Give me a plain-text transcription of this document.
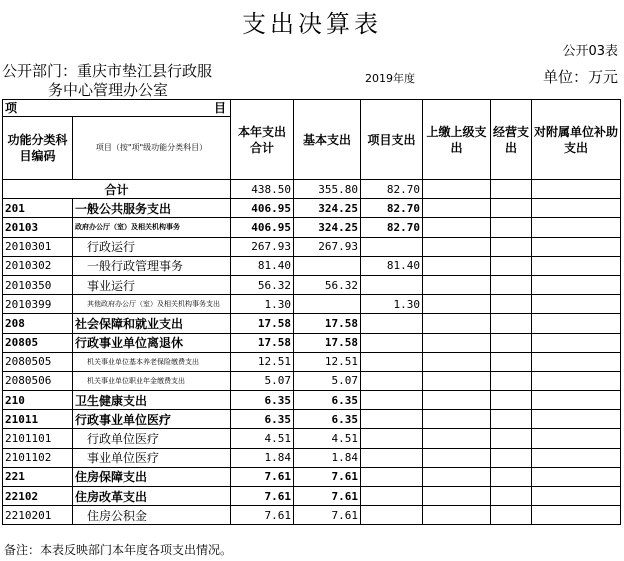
支出决算表
公开03表
公开部门：重庆市垫江县行政服
务中心管理办公室
2019年度	单位：万元
项 目		本年支出合计	基本支出	项目支出	上缴上级支出	经营支出	对附属单位补助支出
功能分类科目编码	项目（按"项"级功能分类科目）						
合计		438.50	355.80	82.70			
201	一般公共服务支出	406.95	324.25	82.70			
20103	政府办公厅（室）及相关机构事务	406.95	324.25	82.70			
2010301	行政运行	267.93	267.93				
2010302	一般行政管理事务	81.40		81.40			
2010350	事业运行	56.32	56.32				
2010399	其他政府办公厅（室）及相关机构事务支出	1.30		1.30			
208	社会保障和就业支出	17.58	17.58				
20805	行政事业单位离退休	17.58	17.58				
2080505	机关事业单位基本养老保险缴费支出	12.51	12.51				
2080506	机关事业单位职业年金缴费支出	5.07	5.07				
210	卫生健康支出	6.35	6.35				
21011	行政事业单位医疗	6.35	6.35				
2101101	行政单位医疗	4.51	4.51				
2101102	事业单位医疗	1.84	1.84				
221	住房保障支出	7.61	7.61				
22102	住房改革支出	7.61	7.61				
2210201	住房公积金	7.61	7.61				
备注：本表反映部门本年度各项支出情况。
